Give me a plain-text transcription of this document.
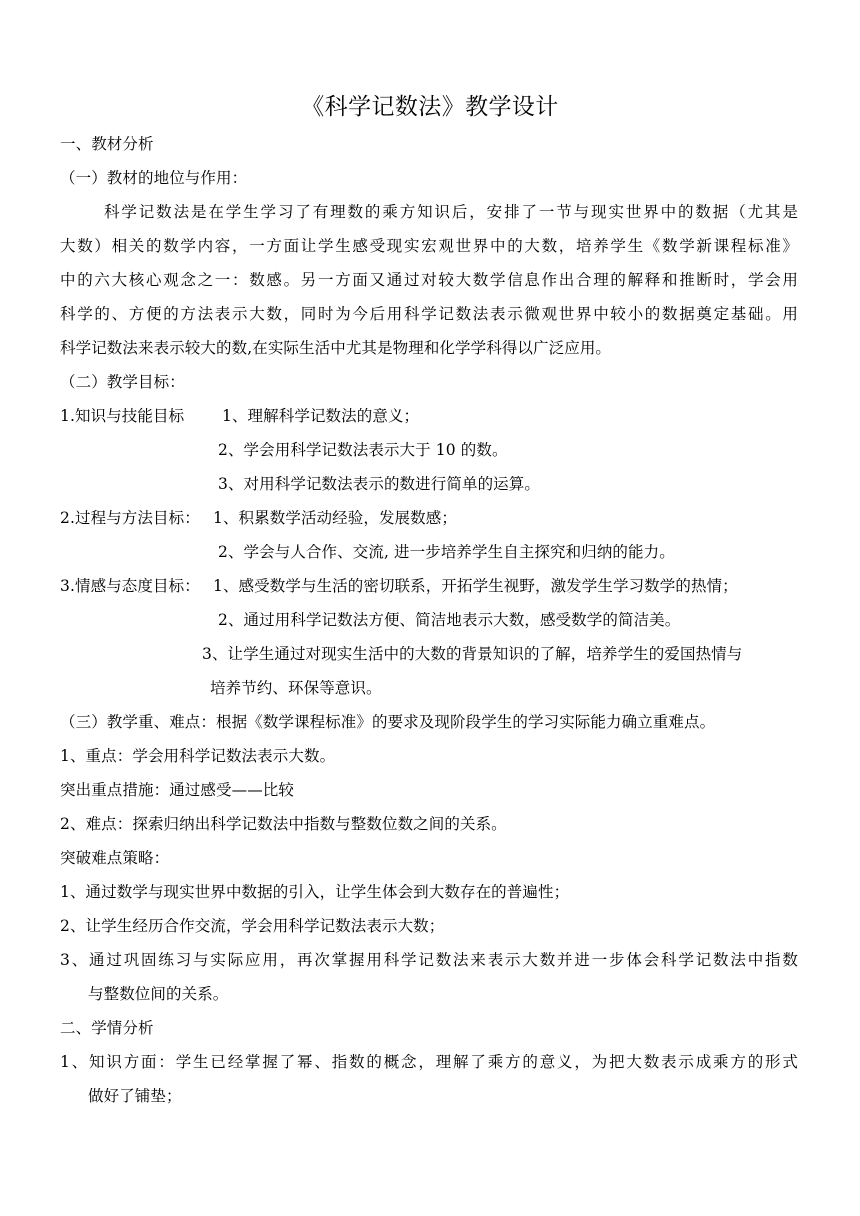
《科学记数法》教学设计
一、教材分析
（一）教材的地位与作用：
科学记数法是在学生学习了有理数的乘方知识后，安排了一节与现实世界中的数据（尤其是
大数）相关的数学内容，一方面让学生感受现实宏观世界中的大数，培养学生《数学新课程标准》
中的六大核心观念之一：数感。另一方面又通过对较大数学信息作出合理的解释和推断时，学会用
科学的、方便的方法表示大数，同时为今后用科学记数法表示微观世界中较小的数据奠定基础。用
科学记数法来表示较大的数,在实际生活中尤其是物理和化学学科得以广泛应用。
（二）教学目标：
1.知识与技能目标 1、理解科学记数法的意义；
2、学会用科学记数法表示大于 10 的数。
3、对用科学记数法表示的数进行简单的运算。
2.过程与方法目标： 1、积累数学活动经验，发展数感；
2、学会与人合作、交流, 进一步培养学生自主探究和归纳的能力。
3.情感与态度目标： 1、感受数学与生活的密切联系，开拓学生视野，激发学生学习数学的热情；
2、通过用科学记数法方便、简洁地表示大数，感受数学的简洁美。
3、让学生通过对现实生活中的大数的背景知识的了解，培养学生的爱国热情与
培养节约、环保等意识。
（三）教学重、难点：根据《数学课程标准》的要求及现阶段学生的学习实际能力确立重难点。
1、重点：学会用科学记数法表示大数。
突出重点措施：通过感受——比较
2、难点：探索归纳出科学记数法中指数与整数位数之间的关系。
突破难点策略：
1、通过数学与现实世界中数据的引入，让学生体会到大数存在的普遍性；
2、让学生经历合作交流，学会用科学记数法表示大数；
3、通过巩固练习与实际应用，再次掌握用科学记数法来表示大数并进一步体会科学记数法中指数
与整数位间的关系。
二、学情分析
1、知识方面：学生已经掌握了幂、指数的概念，理解了乘方的意义，为把大数表示成乘方的形式
做好了铺垫；
